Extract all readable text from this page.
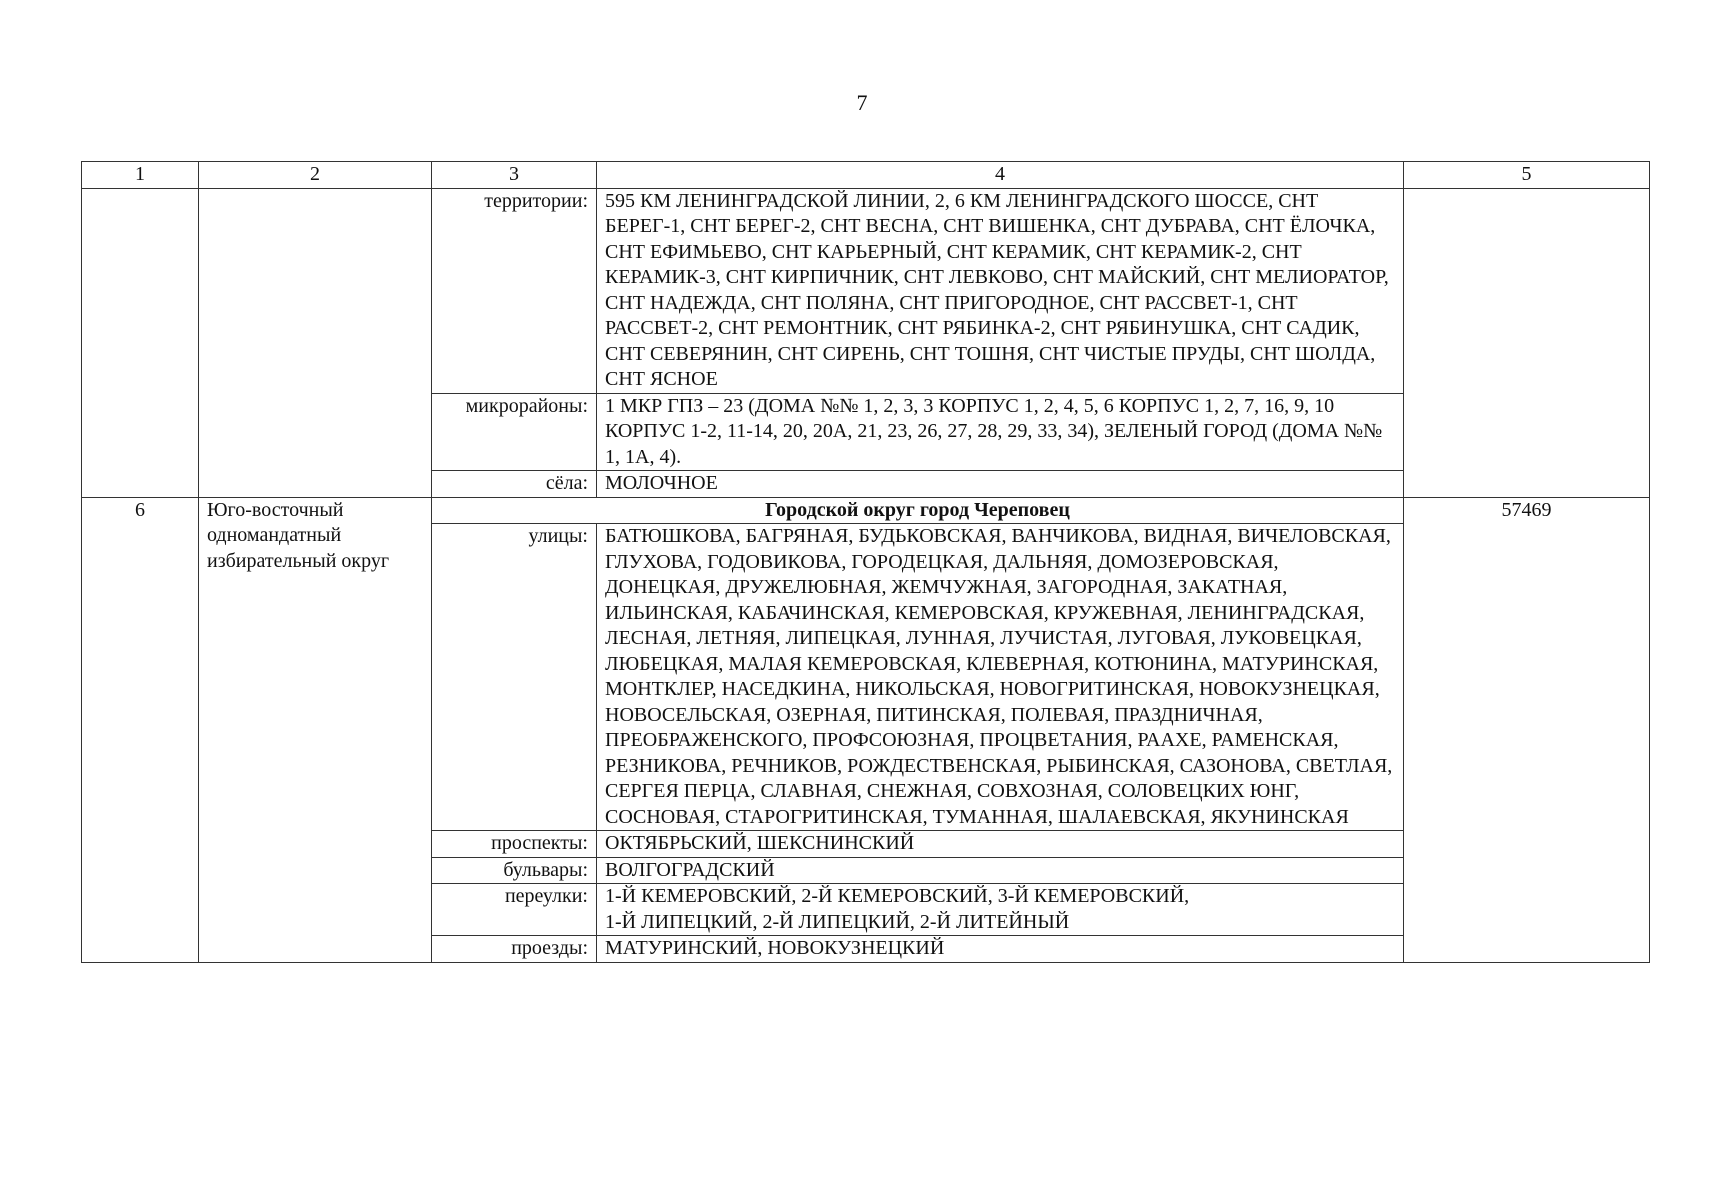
7
1	2	3	4	5
		территории:	595 КМ ЛЕНИНГРАДСКОЙ ЛИНИИ, 2, 6 КМ ЛЕНИНГРАДСКОГО ШОССЕ, СНТ БЕРЕГ-1, СНТ БЕРЕГ-2, СНТ ВЕСНА, СНТ ВИШЕНКА, СНТ ДУБРАВА, СНТ ЁЛОЧКА, СНТ ЕФИМЬЕВО, СНТ КАРЬЕРНЫЙ, СНТ КЕРАМИК, СНТ КЕРАМИК-2, СНТ КЕРАМИК-3, СНТ КИРПИЧНИК, СНТ ЛЕВКОВО, СНТ МАЙСКИЙ, СНТ МЕЛИОРАТОР, СНТ НАДЕЖДА, СНТ ПОЛЯНА, СНТ ПРИГОРОДНОЕ, СНТ РАССВЕТ-1, СНТ РАССВЕТ-2, СНТ РЕМОНТНИК, СНТ РЯБИНКА-2, СНТ РЯБИНУШКА, СНТ САДИК, СНТ СЕВЕРЯНИН, СНТ СИРЕНЬ, СНТ ТОШНЯ, СНТ ЧИСТЫЕ ПРУДЫ, СНТ ШОЛДА, СНТ ЯСНОЕ	
		микрорайоны:	1 МКР ГПЗ – 23 (ДОМА №№ 1, 2, 3, 3 КОРПУС 1, 2, 4, 5, 6 КОРПУС 1, 2, 7, 16, 9, 10 КОРПУС 1-2, 11-14, 20, 20А, 21, 23, 26, 27, 28, 29, 33, 34), ЗЕЛЕНЫЙ ГОРОД (ДОМА №№ 1, 1А, 4).	
		сёла:	МОЛОЧНОЕ	
6	Юго-восточный одномандатный избирательный округ	Городской округ город Череповец		57469
		улицы:	БАТЮШКОВА, БАГРЯНАЯ, БУДЬКОВСКАЯ, ВАНЧИКОВА, ВИДНАЯ, ВИЧЕЛОВСКАЯ, ГЛУХОВА, ГОДОВИКОВА, ГОРОДЕЦКАЯ, ДАЛЬНЯЯ, ДОМОЗЕРОВСКАЯ, ДОНЕЦКАЯ, ДРУЖЕЛЮБНАЯ, ЖЕМЧУЖНАЯ, ЗАГОРОДНАЯ, ЗАКАТНАЯ, ИЛЬИНСКАЯ, КАБАЧИНСКАЯ, КЕМЕРОВСКАЯ, КРУЖЕВНАЯ, ЛЕНИНГРАДСКАЯ, ЛЕСНАЯ, ЛЕТНЯЯ, ЛИПЕЦКАЯ, ЛУННАЯ, ЛУЧИСТАЯ, ЛУГОВАЯ, ЛУКОВЕЦКАЯ, ЛЮБЕЦКАЯ, МАЛАЯ КЕМЕРОВСКАЯ, КЛЕВЕРНАЯ, КОТЮНИНА, МАТУРИНСКАЯ, МОНТКЛЕР, НАСЕДКИНА, НИКОЛЬСКАЯ, НОВОГРИТИНСКАЯ, НОВОКУЗНЕЦКАЯ, НОВОСЕЛЬСКАЯ, ОЗЕРНАЯ, ПИТИНСКАЯ, ПОЛЕВАЯ, ПРАЗДНИЧНАЯ, ПРЕОБРАЖЕНСКОГО, ПРОФСОЮЗНАЯ, ПРОЦВЕТАНИЯ, РААХЕ, РАМЕНСКАЯ, РЕЗНИКОВА, РЕЧНИКОВ, РОЖДЕСТВЕНСКАЯ, РЫБИНСКАЯ, САЗОНОВА, СВЕТЛАЯ, СЕРГЕЯ ПЕРЦА, СЛАВНАЯ, СНЕЖНАЯ, СОВХОЗНАЯ, СОЛОВЕЦКИХ ЮНГ, СОСНОВАЯ, СТАРОГРИТИНСКАЯ, ТУМАННАЯ, ШАЛАЕВСКАЯ, ЯКУНИНСКАЯ	
		проспекты:	ОКТЯБРЬСКИЙ, ШЕКСНИНСКИЙ	
		бульвары:	ВОЛГОГРАДСКИЙ	
		переулки:	1-Й КЕМЕРОВСКИЙ, 2-Й КЕМЕРОВСКИЙ, 3-Й КЕМЕРОВСКИЙ,
1-Й ЛИПЕЦКИЙ, 2-Й ЛИПЕЦКИЙ, 2-Й ЛИТЕЙНЫЙ	

		проезды:	МАТУРИНСКИЙ, НОВОКУЗНЕЦКИЙ	
